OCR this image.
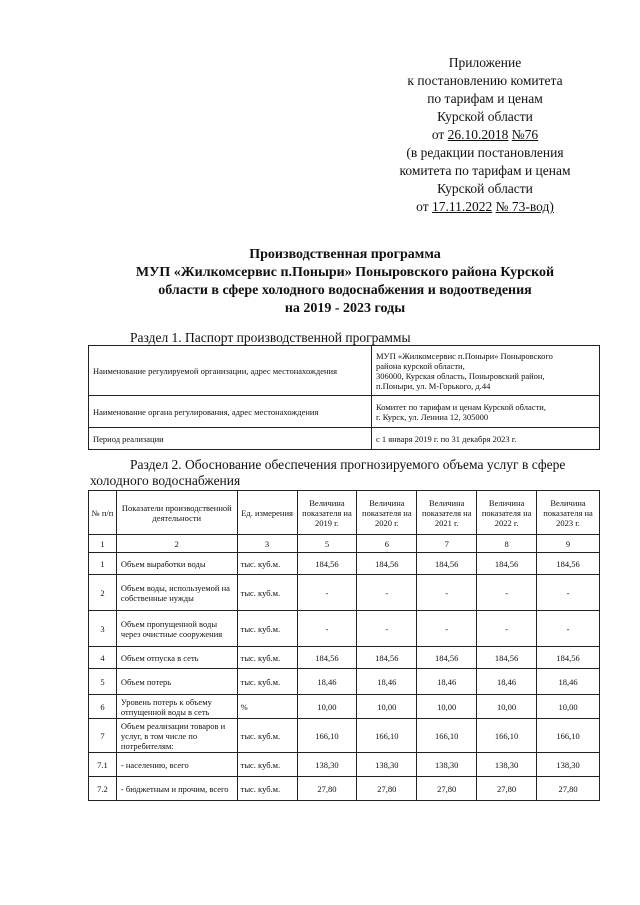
Приложение
к постановлению комитета
по тарифам и ценам
Курской области
от 26.10.2018 №76
(в редакции постановления
комитета по тарифам и ценам
Курской области
от 17.11.2022 № 73-вод)
Производственная программа
МУП «Жилкомсервис п.Поныри» Поныровского района Курской
области в сфере холодного водоснабжения и водоотведения
на 2019 - 2023 годы
Раздел 1. Паспорт производственной программы
Наименование регулируемой организации, адрес местонахождения	МУП «Жилкомсервис п.Поныри» Поныровского
района курской области,
306000, Курская область, Поныровский район,
п.Поныри, ул. М-Горького, д.44

Наименование органа регулирования, адрес местонахождения	Комитет по тарифам и ценам Курской области,
г. Курск, ул. Ленина 12, 305000

Период реализации	с 1 января 2019 г. по 31 декабря 2023 г.
Раздел 2. Обоснование обеспечения прогнозируемого объема услуг в сфере
холодного водоснабжения
№ п/п	Показатели производственной деятельности	Ед. измерения	Величина показателя на 2019 г.	Величина показателя на 2020 г.	Величина показателя на 2021 г.	Величина показателя на 2022 г.	Величина показателя на 2023 г.
1	2	3	5	6	7	8	9
1	Объем выработки воды	тыс. куб.м.	184,56	184,56	184,56	184,56	184,56
2	Объем воды, используемой на собственные нужды	тыс. куб.м.	-	-	-	-	-
3	Объем пропущенной воды через очистные сооружения	тыс. куб.м.	-	-	-	-	-
4	Объем отпуска в сеть	тыс. куб.м.	184,56	184,56	184,56	184,56	184,56
5	Объем потерь	тыс. куб.м.	18,46	18,46	18,46	18,46	18,46
6	Уровень потерь к объему отпущенной воды в сеть	%	10,00	10,00	10,00	10,00	10,00
7	Объем реализации товаров и услуг, в том числе по потребителям:	тыс. куб.м.	166,10	166,10	166,10	166,10	166,10
7.1	- населению, всего	тыс. куб.м.	138,30	138,30	138,30	138,30	138,30
7.2	- бюджетным и прочим, всего	тыс. куб.м.	27,80	27,80	27,80	27,80	27,80
